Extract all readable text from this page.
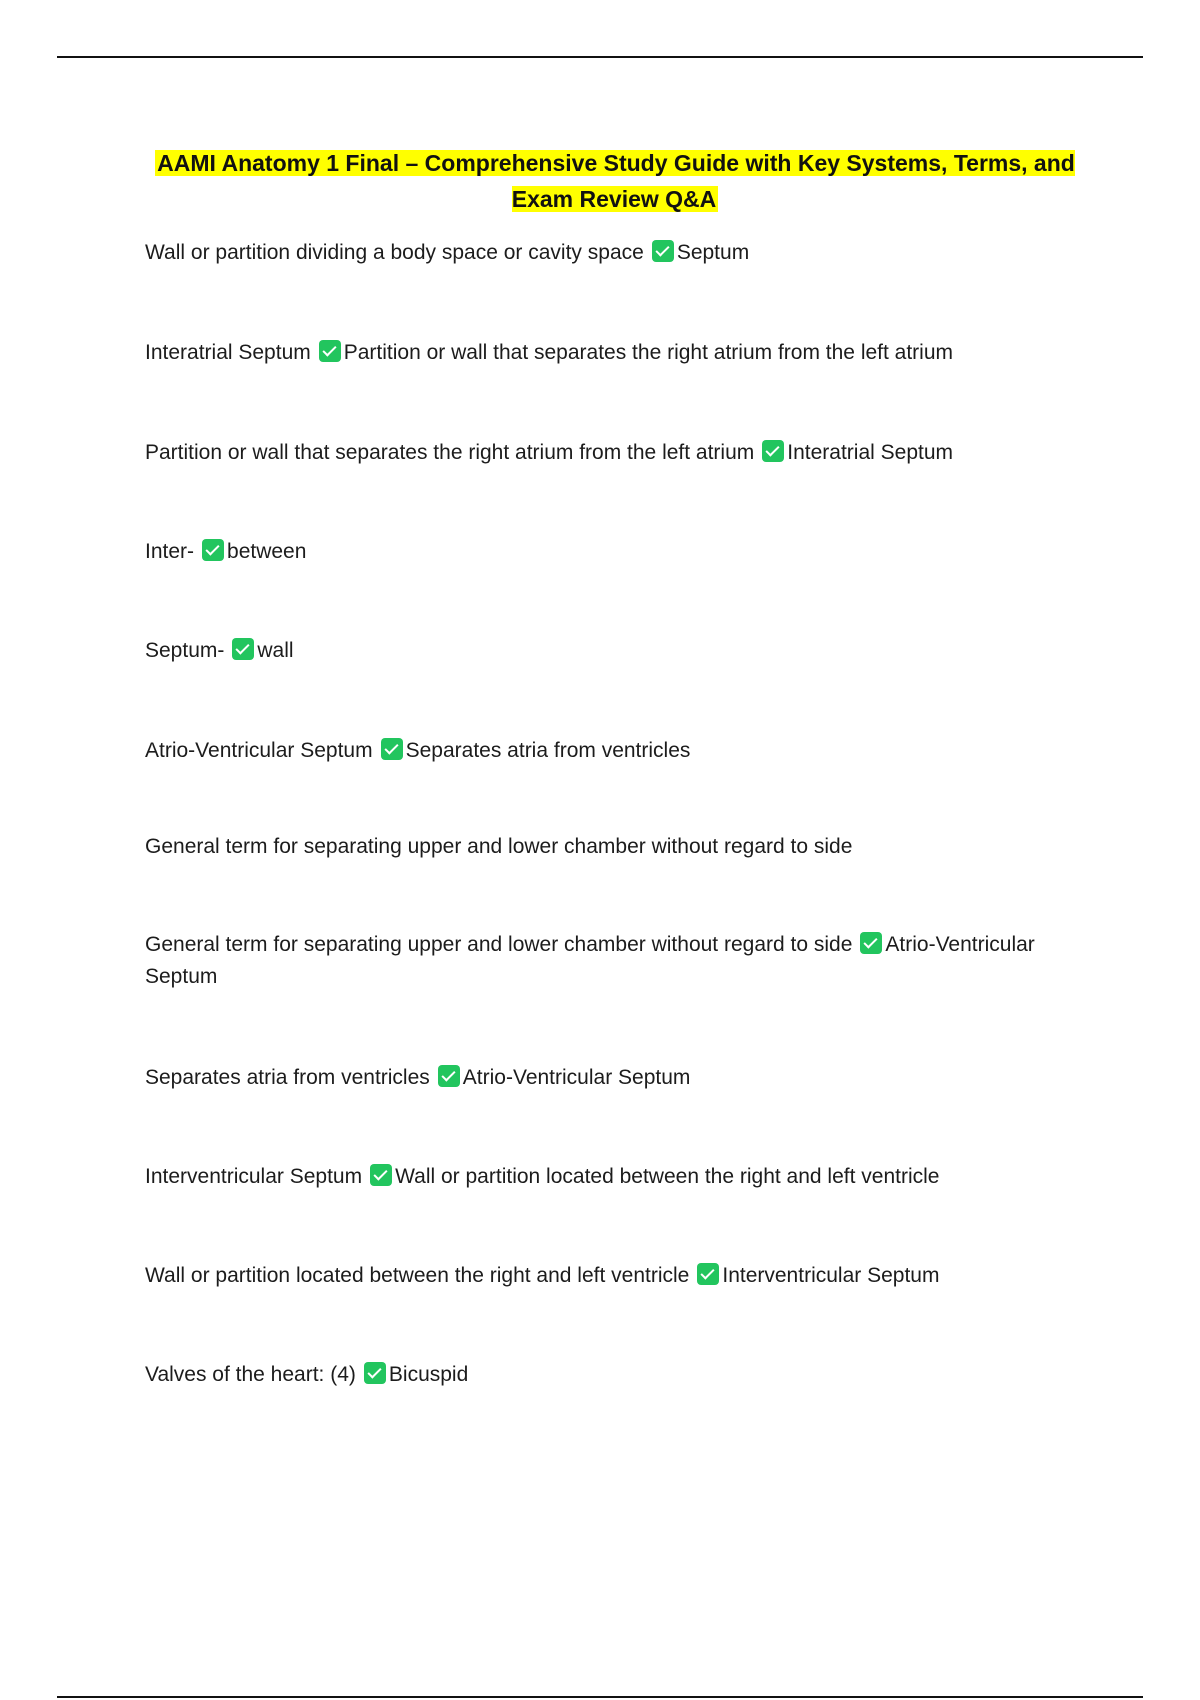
AAMI Anatomy 1 Final – Comprehensive Study Guide with Key Systems, Terms, and Exam Review Q&A
Wall or partition dividing a body space or cavity space Septum
Interatrial Septum Partition or wall that separates the right atrium from the left atrium
Partition or wall that separates the right atrium from the left atrium Interatrial Septum
Inter- between
Septum- wall
Atrio-Ventricular Septum Separates atria from ventricles
General term for separating upper and lower chamber without regard to side
General term for separating upper and lower chamber without regard to side Atrio-Ventricular Septum
Separates atria from ventricles Atrio-Ventricular Septum
Interventricular Septum Wall or partition located between the right and left ventricle
Wall or partition located between the right and left ventricle Interventricular Septum
Valves of the heart: (4) Bicuspid
